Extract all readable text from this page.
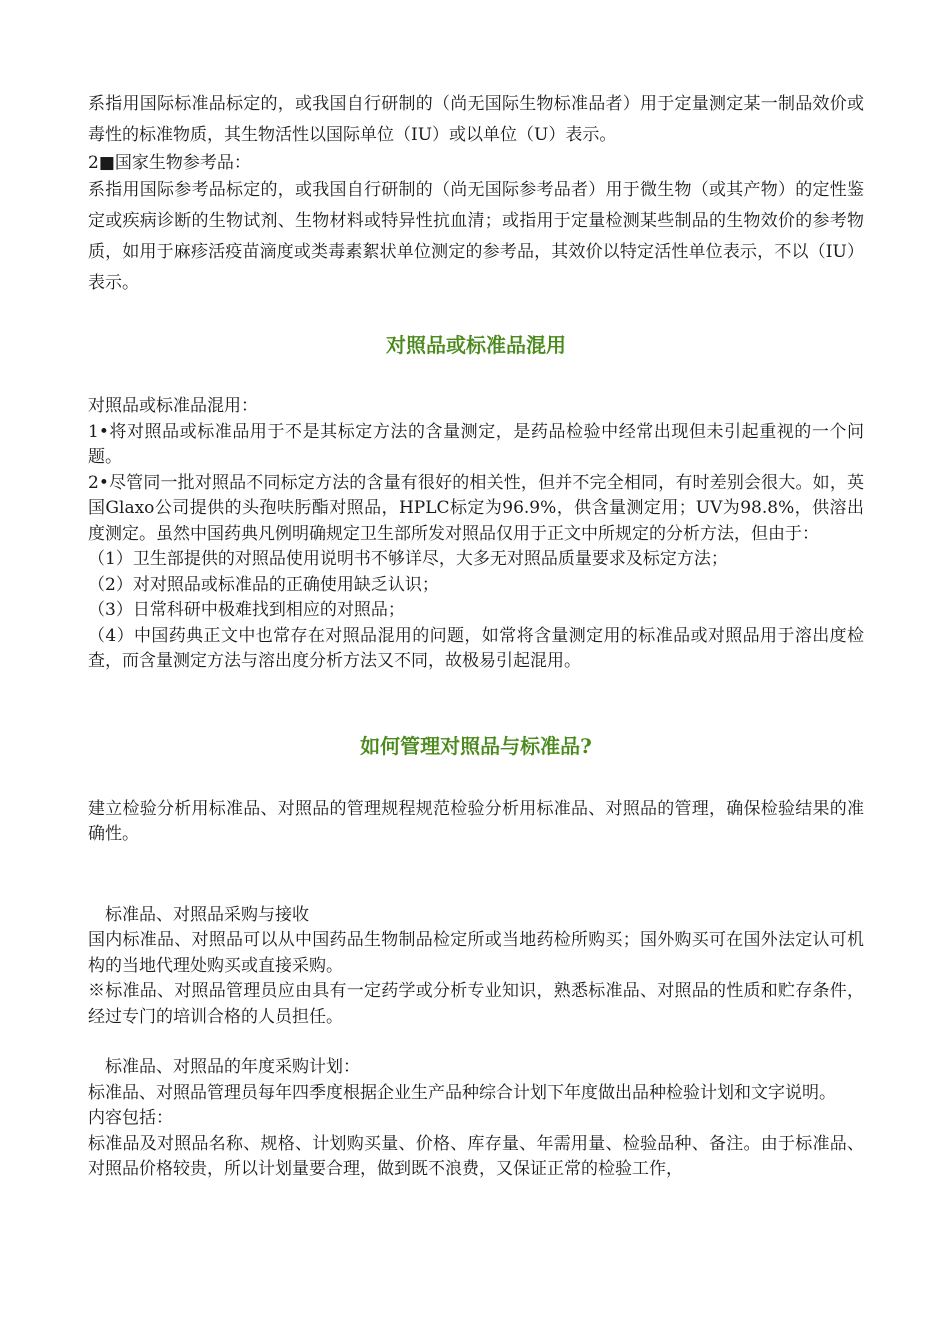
系指用国际标准品标定的，或我国自行研制的（尚无国际生物标准品者）用于定量测定某一制品效价或毒性的标准物质，其生物活性以国际单位（IU）或以单位（U）表示。

2■国家生物参考品：

系指用国际参考品标定的，或我国自行研制的（尚无国际参考品者）用于微生物（或其产物）的定性鉴定或疾病诊断的生物试剂、生物材料或特异性抗血清；或指用于定量检测某些制品的生物效价的参考物质，如用于麻疹活疫苗滴度或类毒素絮状单位测定的参考品，其效价以特定活性单位表示，不以（IU）表示。

对照品或标准品混用

对照品或标准品混用：

1•将对照品或标准品用于不是其标定方法的含量测定，是药品检验中经常出现但未引起重视的一个问题。

2•尽管同一批对照品不同标定方法的含量有很好的相关性，但并不完全相同，有时差别会很大。如，英国Glaxo公司提供的头孢呋肟酯对照品，HPLC标定为96.9%，供含量测定用；UV为98.8%，供溶出度测定。虽然中国药典凡例明确规定卫生部所发对照品仅用于正文中所规定的分析方法，但由于：

（1）卫生部提供的对照品使用说明书不够详尽，大多无对照品质量要求及标定方法；

（2）对对照品或标准品的正确使用缺乏认识；

（3）日常科研中极难找到相应的对照品；

（4）中国药典正文中也常存在对照品混用的问题，如常将含量测定用的标准品或对照品用于溶出度检查，而含量测定方法与溶出度分析方法又不同，故极易引起混用。

如何管理对照品与标准品?

建立检验分析用标准品、对照品的管理规程规范检验分析用标准品、对照品的管理，确保检验结果的准确性。

标准品、对照品采购与接收

国内标准品、对照品可以从中国药品生物制品检定所或当地药检所购买；国外购买可在国外法定认可机构的当地代理处购买或直接采购。

※标准品、对照品管理员应由具有一定药学或分析专业知识，熟悉标准品、对照品的性质和贮存条件，经过专门的培训合格的人员担任。

标准品、对照品的年度采购计划：

标准品、对照品管理员每年四季度根据企业生产品种综合计划下年度做出品种检验计划和文字说明。

内容包括：

标准品及对照品名称、规格、计划购买量、价格、库存量、年需用量、检验品种、备注。由于标准品、对照品价格较贵，所以计划量要合理，做到既不浪费，又保证正常的检验工作，
